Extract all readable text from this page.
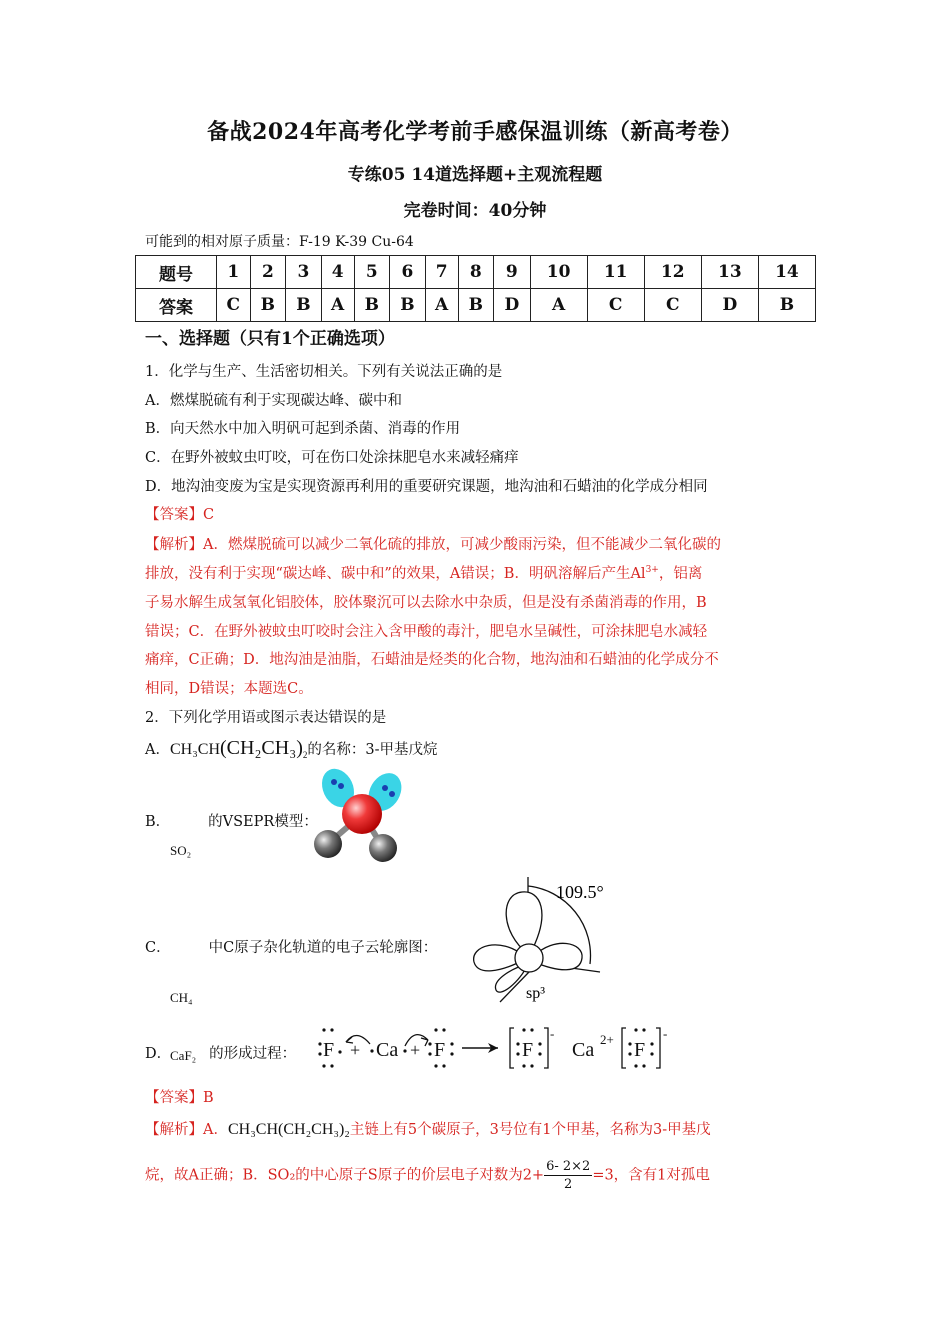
备战2024年高考化学考前手感保温训练（新高考卷）
专练05 14道选择题+主观流程题
完卷时间：40分钟
可能到的相对原子质量：F-19 K-39 Cu-64
题号	1	2	3	4	5	6	7	8	9	10	11	12	13	14
答案	C	B	B	A	B	B	A	B	D	A	C	C	D	B
一、选择题（只有1个正确选项）
1．化学与生产、生活密切相关。下列有关说法正确的是
A．燃煤脱硫有利于实现碳达峰、碳中和
B．向天然水中加入明矾可起到杀菌、消毒的作用
C．在野外被蚊虫叮咬，可在伤口处涂抹肥皂水来减轻痛痒
D．地沟油变废为宝是实现资源再利用的重要研究课题，地沟油和石蜡油的化学成分相同
【答案】C
【解析】A．燃煤脱硫可以减少二氧化硫的排放，可减少酸雨污染，但不能减少二氧化碳的
排放，没有利于实现“碳达峰、碳中和”的效果，A错误；B．明矾溶解后产生$Al^{3+}$，铝离
子易水解生成氢氧化铝胶体，胶体聚沉可以去除水中杂质，但是没有杀菌消毒的作用，B
错误；C．在野外被蚊虫叮咬时会注入含甲酸的毒汁，肥皂水呈碱性，可涂抹肥皂水减轻
痛痒，C正确；D．地沟油是油脂，石蜡油是烃类的化合物，地沟油和石蜡油的化学成分不
相同，D错误；本题选C。
2．下列化学用语或图示表达错误的是
A．$CH_3CH(CH_2CH_3)_2$的名称：3-甲基戊烷
B．	的VSEPR模型：
SO₂
C．	中C原子杂化轨道的电子云轮廓图：
CH₄
109.5°
sp³
D．	的形成过程：
CaF₂	F + Ca + F	F
-
Ca 2+ F
-
【答案】B
【解析】A．CH₃CH(CH₂CH₃)₂主链上有5个碳原子，3号位有1个甲基，名称为3-甲基戊
烷，故A正确；B．SO₂的中心原子S原子的价层电子对数为$2+ \frac{6- 2\times 2}{2} =3$，含有1对孤电
